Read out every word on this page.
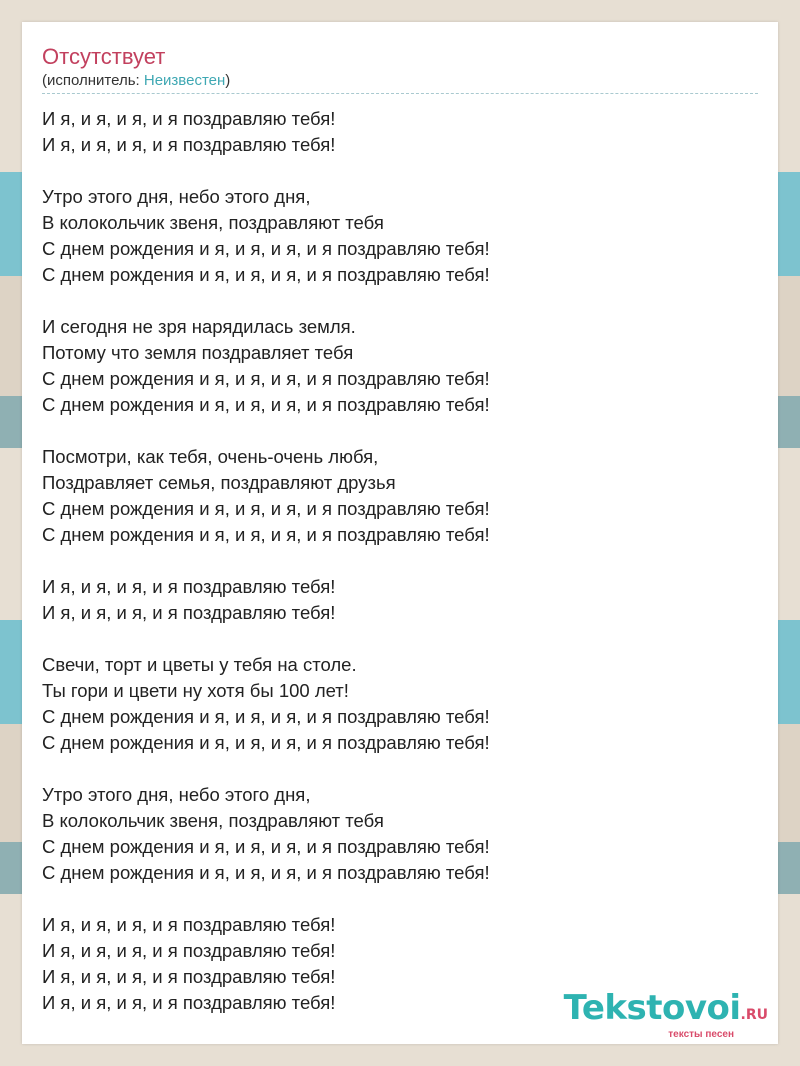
Отсутствует
(исполнитель: Неизвестен)
И я, и я, и я, и я поздравляю тебя!
И я, и я, и я, и я поздравляю тебя!
Утро этого дня, небо этого дня,
В колокольчик звеня, поздравляют тебя
С днем рождения и я, и я, и я, и я поздравляю тебя!
С днем рождения и я, и я, и я, и я поздравляю тебя!
И сегодня не зря нарядилась земля.
Потому что земля поздравляет тебя
С днем рождения и я, и я, и я, и я поздравляю тебя!
С днем рождения и я, и я, и я, и я поздравляю тебя!
Посмотри, как тебя, очень-очень любя,
Поздравляет семья, поздравляют друзья
С днем рождения и я, и я, и я, и я поздравляю тебя!
С днем рождения и я, и я, и я, и я поздравляю тебя!
И я, и я, и я, и я поздравляю тебя!
И я, и я, и я, и я поздравляю тебя!
Свечи, торт и цветы у тебя на столе.
Ты гори и цвети ну хотя бы 100 лет!
С днем рождения и я, и я, и я, и я поздравляю тебя!
С днем рождения и я, и я, и я, и я поздравляю тебя!
Утро этого дня, небо этого дня,
В колокольчик звеня, поздравляют тебя
С днем рождения и я, и я, и я, и я поздравляю тебя!
С днем рождения и я, и я, и я, и я поздравляю тебя!
И я, и я, и я, и я поздравляю тебя!
И я, и я, и я, и я поздравляю тебя!
И я, и я, и я, и я поздравляю тебя!
И я, и я, и я, и я поздравляю тебя!	Tekstovoi.RU
тексты песен
